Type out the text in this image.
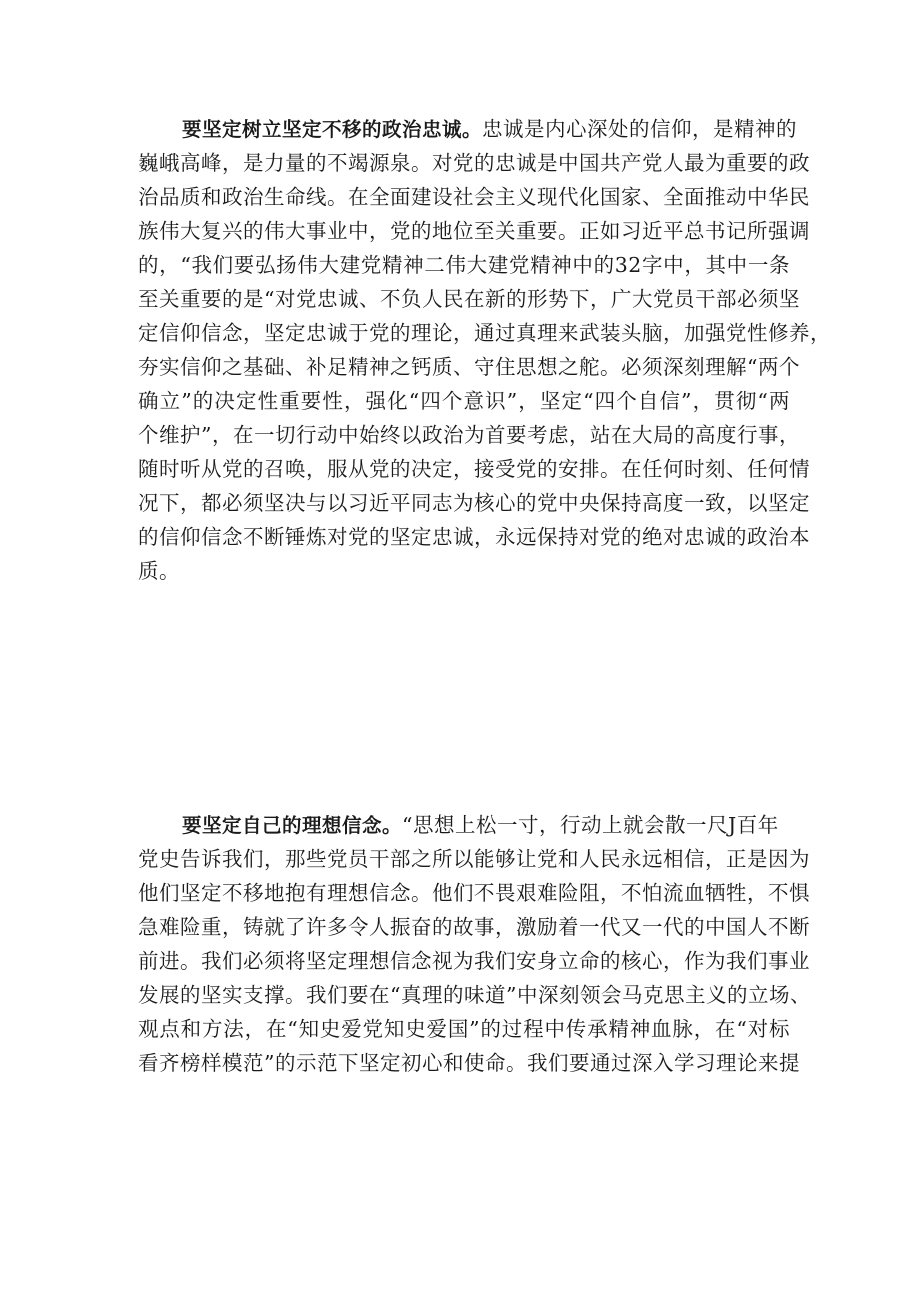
要坚定树立坚定不移的政治忠诚。忠诚是内心深处的信仰，是精神的
巍峨高峰，是力量的不竭源泉。对党的忠诚是中国共产党人最为重要的政
治品质和政治生命线。在全面建设社会主义现代化国家、全面推动中华民
族伟大复兴的伟大事业中，党的地位至关重要。正如习近平总书记所强调
的，“我们要弘扬伟大建党精神二伟大建党精神中的32字中，其中一条
至关重要的是“对党忠诚、不负人民在新的形势下，广大党员干部必须坚
定信仰信念，坚定忠诚于党的理论，通过真理来武装头脑，加强党性修养，
夯实信仰之基础、补足精神之钙质、守住思想之舵。必须深刻理解“两个
确立”的决定性重要性，强化“四个意识”，坚定“四个自信”，贯彻“两
个维护”，在一切行动中始终以政治为首要考虑，站在大局的高度行事，
随时听从党的召唤，服从党的决定，接受党的安排。在任何时刻、任何情
况下，都必须坚决与以习近平同志为核心的党中央保持高度一致，以坚定
的信仰信念不断锤炼对党的坚定忠诚，永远保持对党的绝对忠诚的政治本
质。
要坚定自己的理想信念。“思想上松一寸，行动上就会散一尺J百年
党史告诉我们，那些党员干部之所以能够让党和人民永远相信，正是因为
他们坚定不移地抱有理想信念。他们不畏艰难险阻，不怕流血牺牲，不惧
急难险重，铸就了许多令人振奋的故事，激励着一代又一代的中国人不断
前进。我们必须将坚定理想信念视为我们安身立命的核心，作为我们事业
发展的坚实支撑。我们要在“真理的味道”中深刻领会马克思主义的立场、
观点和方法，在“知史爱党知史爱国”的过程中传承精神血脉，在“对标
看齐榜样模范”的示范下坚定初心和使命。我们要通过深入学习理论来提
